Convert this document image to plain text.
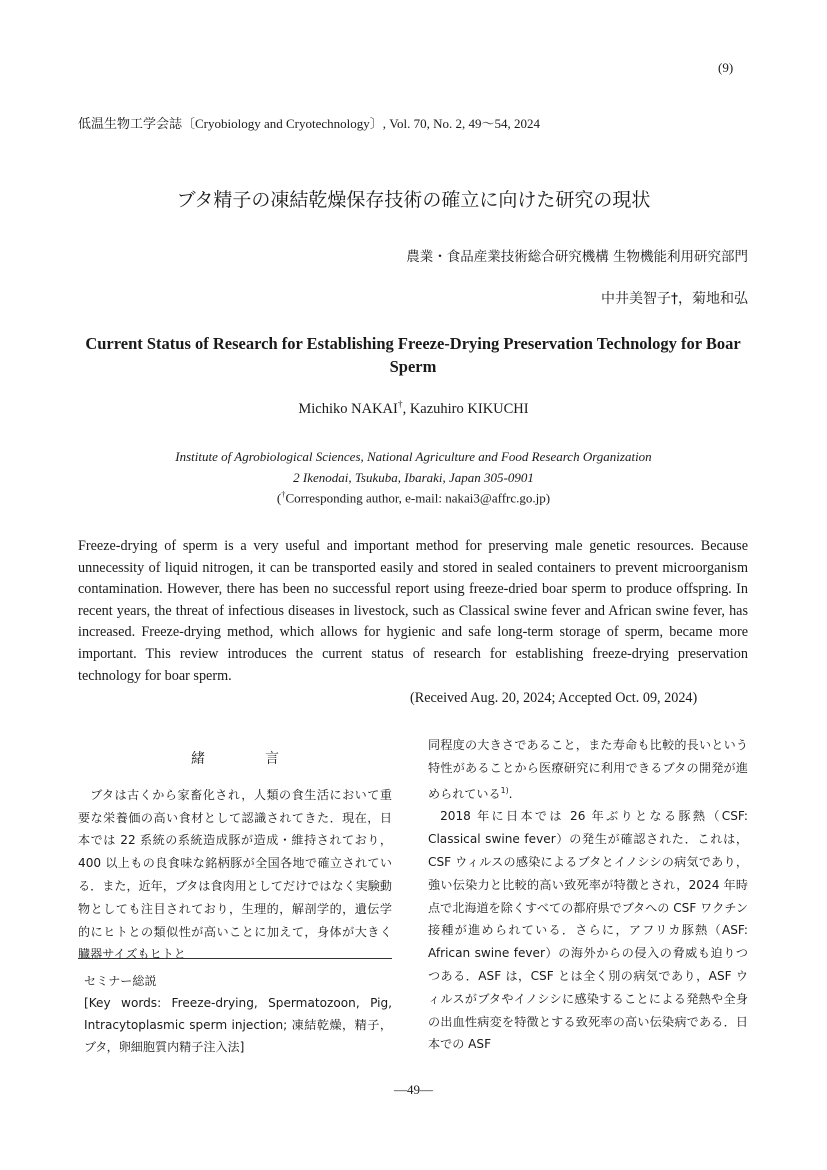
(9)
低温生物工学会誌〔Cryobiology and Cryotechnology〕, Vol. 70, No. 2, 49～54, 2024
ブタ精子の凍結乾燥保存技術の確立に向けた研究の現状
農業・食品産業技術総合研究機構 生物機能利用研究部門
中井美智子†，菊地和弘
Current Status of Research for Establishing Freeze-Drying Preservation Technology for Boar Sperm
Michiko NAKAI†, Kazuhiro KIKUCHI
Institute of Agrobiological Sciences, National Agriculture and Food Research Organization
2 Ikenodai, Tsukuba, Ibaraki, Japan 305-0901
(†Corresponding author, e-mail: nakai3@affrc.go.jp)
Freeze-drying of sperm is a very useful and important method for preserving male genetic resources. Because unnecessity of liquid nitrogen, it can be transported easily and stored in sealed containers to prevent microorganism contamination. However, there has been no successful report using freeze-dried boar sperm to produce offspring. In recent years, the threat of infectious diseases in livestock, such as Classical swine fever and African swine fever, has increased. Freeze-drying method, which allows for hygienic and safe long-term storage of sperm, became more important. This review introduces the current status of research for establishing freeze-drying preservation technology for boar sperm.
(Received Aug. 20, 2024; Accepted Oct. 09, 2024)
緒言

ブタは古くから家畜化され，人類の食生活において重要な栄養価の高い食材として認識されてきた．現在，日本では 22 系統の系統造成豚が造成・維持されており，400 以上もの良食味な銘柄豚が全国各地で確立されている．また，近年，ブタは食肉用としてだけではなく実験動物としても注目されており，生理的，解剖学的，遺伝学的にヒトとの類似性が高いことに加えて，身体が大きく臓器サイズもヒトと

セミナー総説
[Key words: Freeze-drying, Spermatozoon, Pig, Intracytoplasmic sperm injection; 凍結乾燥，精子，ブタ，卵細胞質内精子注入法]

同程度の大きさであること，また寿命も比較的長いという特性があることから医療研究に利用できるブタの開発が進められている$^{1)}$.

2018 年に日本では 26 年ぶりとなる豚熱（CSF: Classical swine fever）の発生が確認された．これは，CSF ウィルスの感染によるブタとイノシシの病気であり，強い伝染力と比較的高い致死率が特徴とされ，2024 年時点で北海道を除くすべての都府県でブタへの CSF ワクチン接種が進められている．さらに，アフリカ豚熱（ASF: African swine fever）の海外からの侵入の脅威も迫りつつある．ASF は，CSF とは全く別の病気であり，ASF ウィルスがブタやイノシシに感染することによる発熱や全身の出血性病変を特徴とする致死率の高い伝染病である．日本での ASF

―49―
